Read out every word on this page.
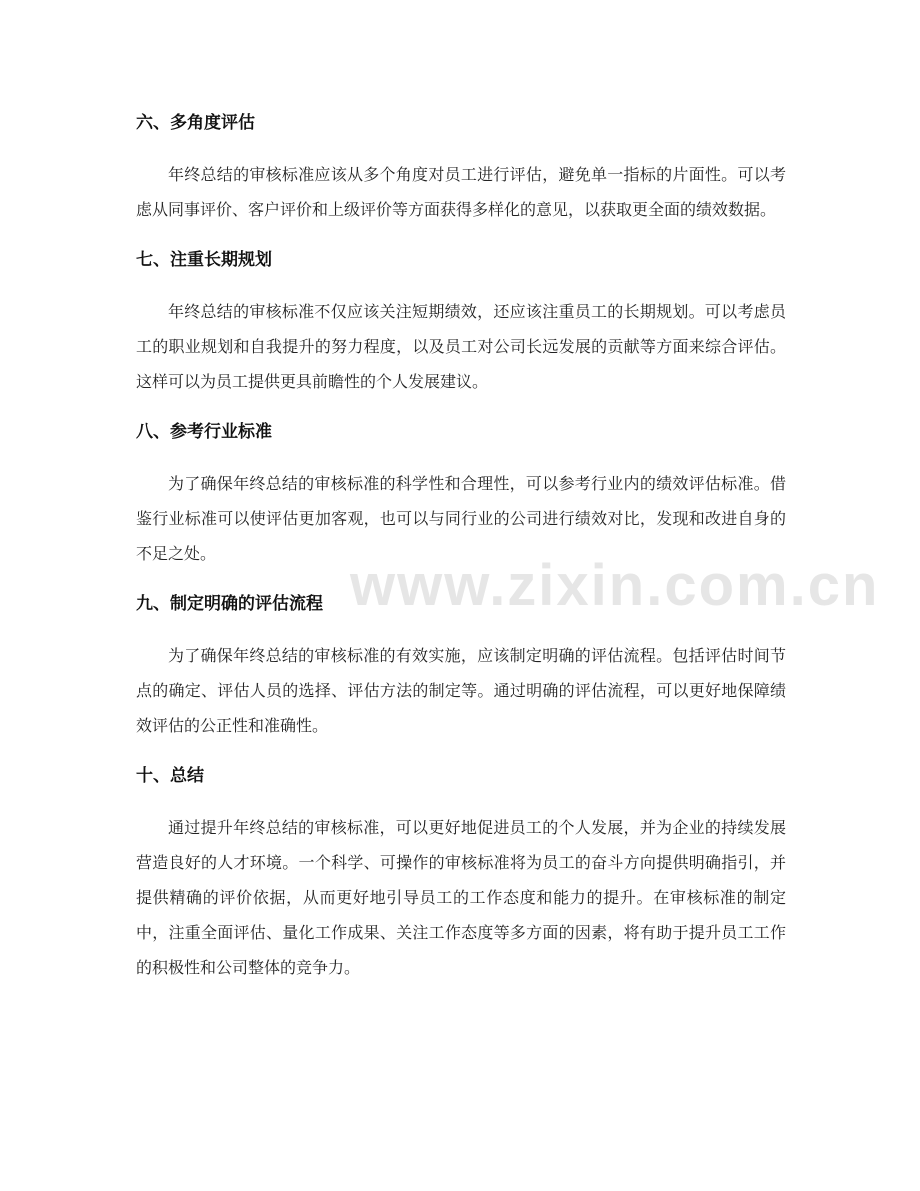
www.zixin.com.cn
六、多角度评估

年终总结的审核标准应该从多个角度对员工进行评估，避免单一指标的片面性。可以考虑从同事评价、客户评价和上级评价等方面获得多样化的意见，以获取更全面的绩效数据。

七、注重长期规划

年终总结的审核标准不仅应该关注短期绩效，还应该注重员工的长期规划。可以考虑员工的职业规划和自我提升的努力程度，以及员工对公司长远发展的贡献等方面来综合评估。这样可以为员工提供更具前瞻性的个人发展建议。

八、参考行业标准

为了确保年终总结的审核标准的科学性和合理性，可以参考行业内的绩效评估标准。借鉴行业标准可以使评估更加客观，也可以与同行业的公司进行绩效对比，发现和改进自身的不足之处。

九、制定明确的评估流程

为了确保年终总结的审核标准的有效实施，应该制定明确的评估流程。包括评估时间节点的确定、评估人员的选择、评估方法的制定等。通过明确的评估流程，可以更好地保障绩效评估的公正性和准确性。

十、总结

通过提升年终总结的审核标准，可以更好地促进员工的个人发展，并为企业的持续发展营造良好的人才环境。一个科学、可操作的审核标准将为员工的奋斗方向提供明确指引，并提供精确的评价依据，从而更好地引导员工的工作态度和能力的提升。在审核标准的制定中，注重全面评估、量化工作成果、关注工作态度等多方面的因素，将有助于提升员工工作的积极性和公司整体的竞争力。
